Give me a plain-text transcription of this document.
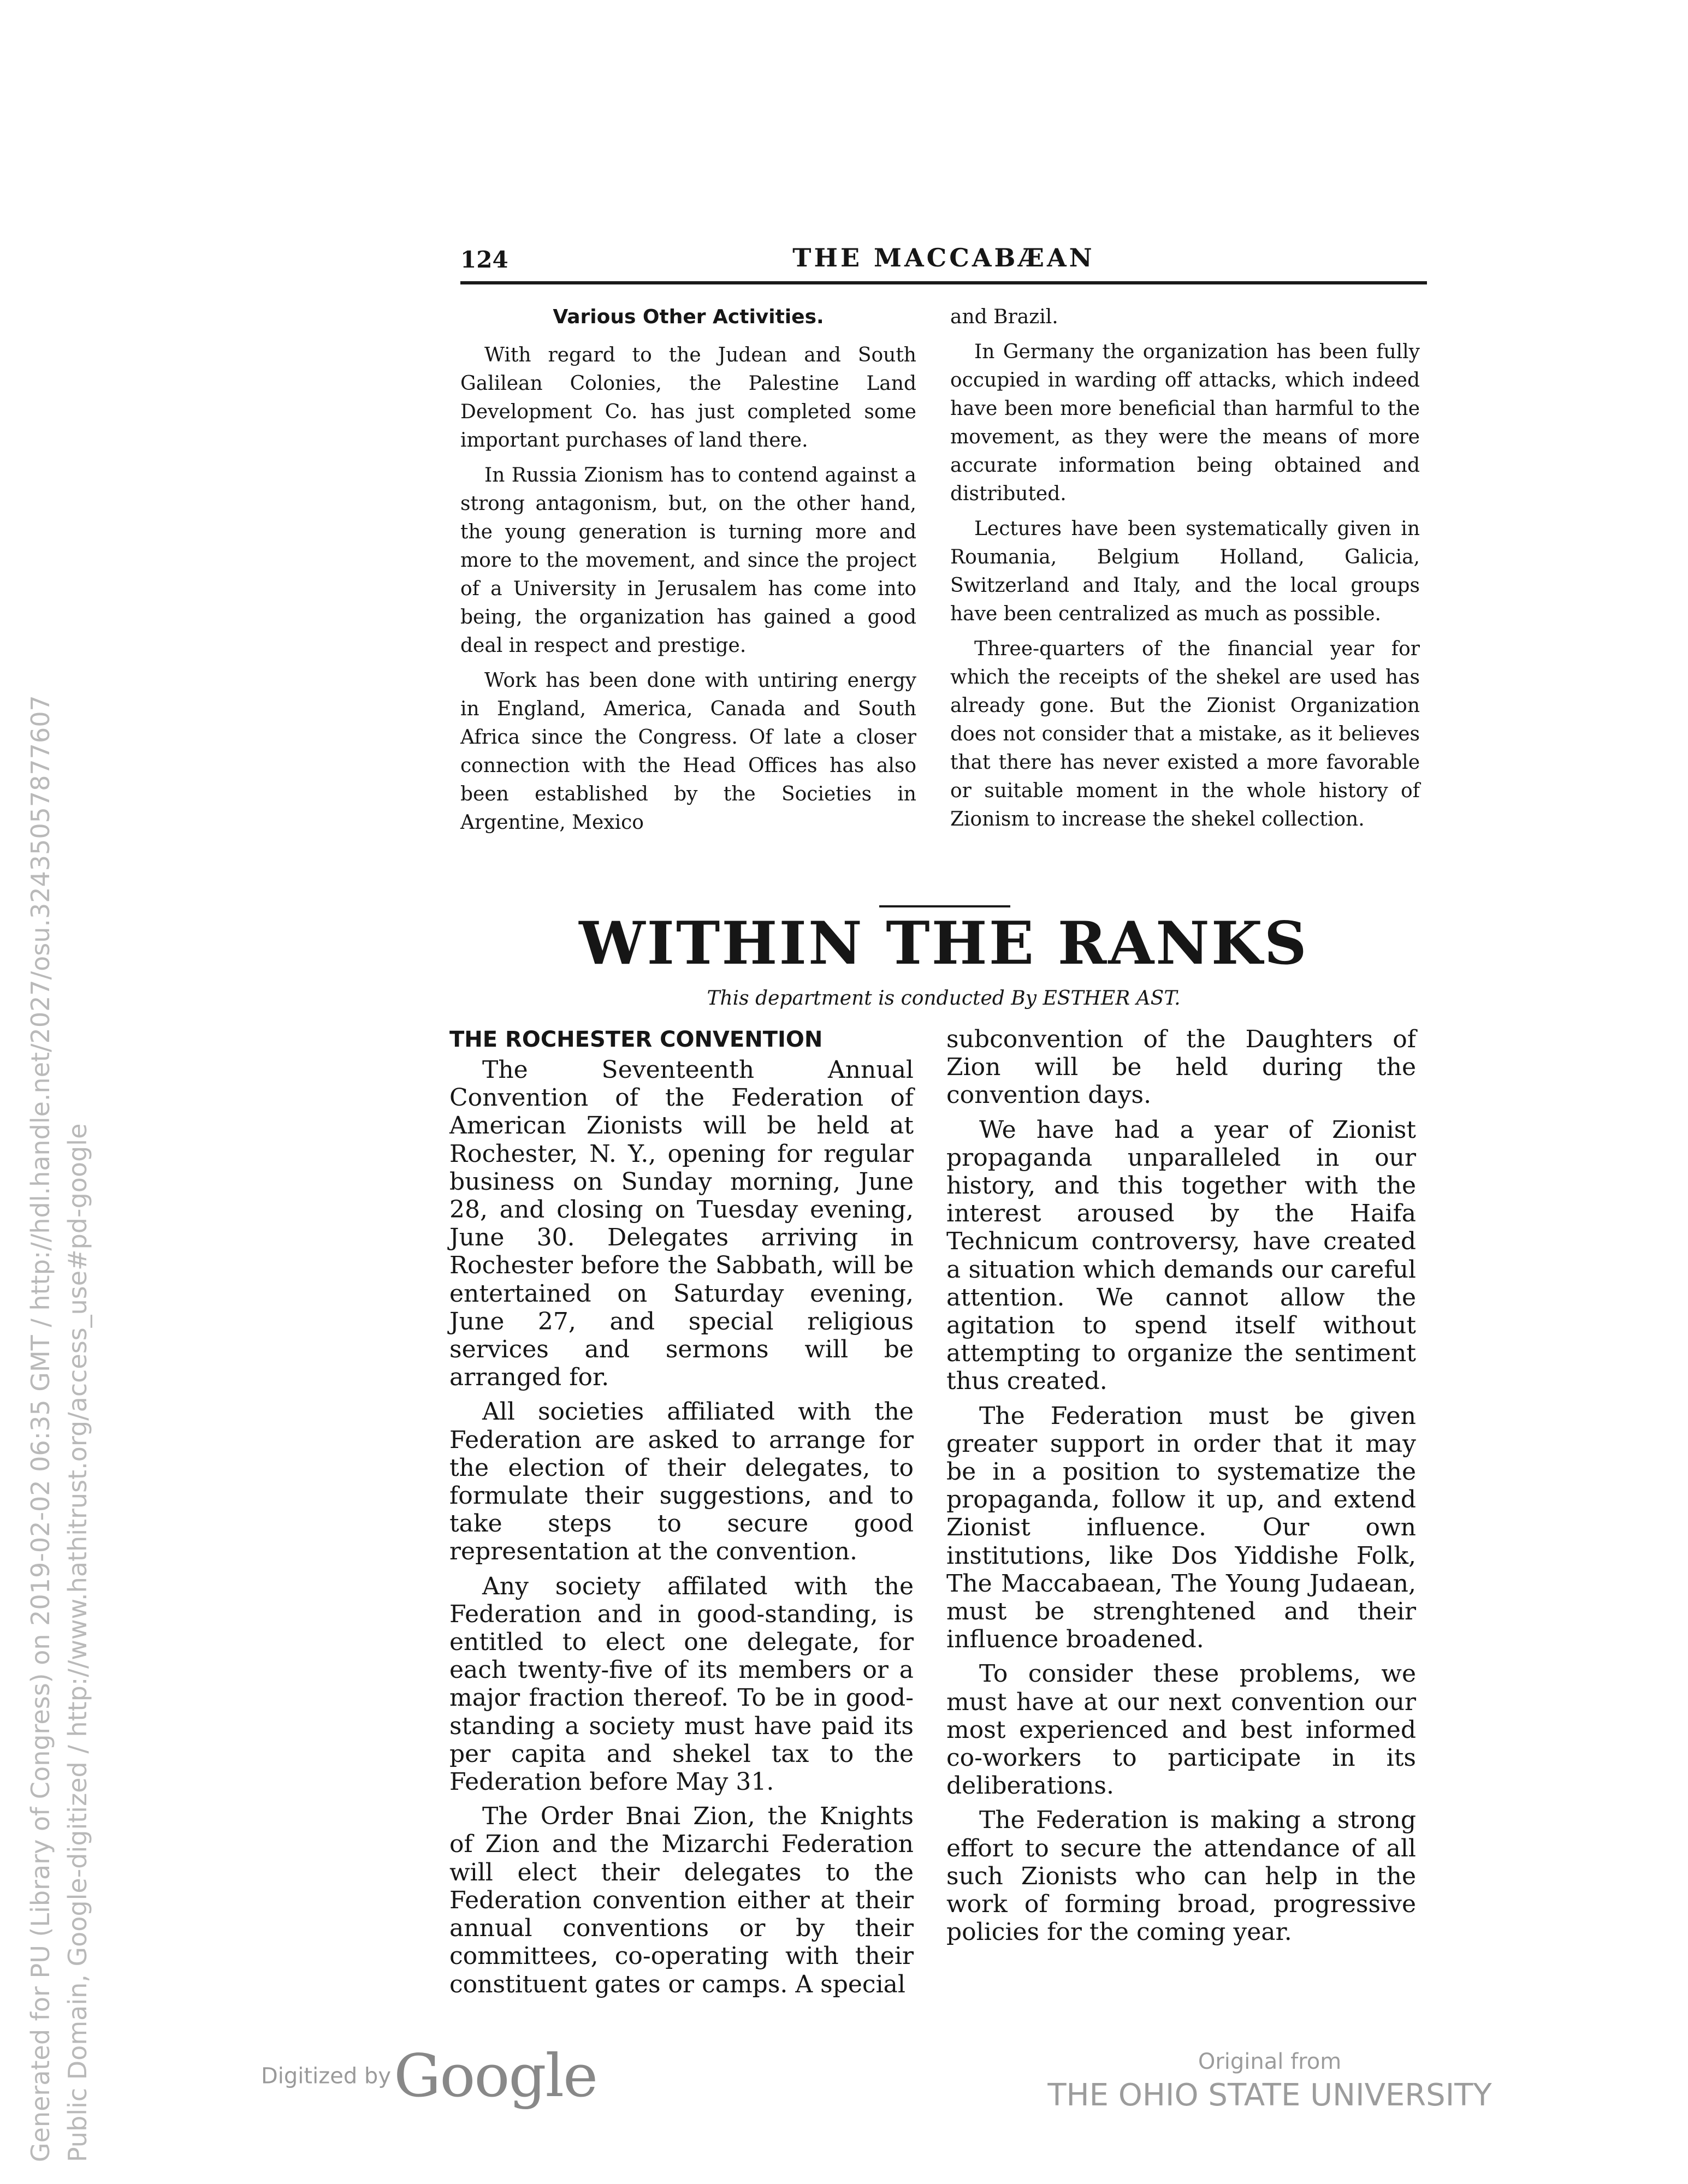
Generated for PU (Library of Congress) on 2019-02-02 06:35 GMT / http://hdl.handle.net/2027/osu.32435057877607 Public Domain, Google-digitized / http://www.hathitrust.org/access_use#pd-google
124	THE MACCABÆAN
Various Other Activities.

With regard to the Judean and South Galilean Colonies, the Palestine Land Development Co. has just completed some important purchases of land there.

In Russia Zionism has to contend against a strong antagonism, but, on the other hand, the young generation is turning more and more to the movement, and since the project of a University in Jerusalem has come into being, the organization has gained a good deal in respect and prestige.

Work has been done with untiring energy in England, America, Canada and South Africa since the Congress. Of late a closer connection with the Head Offices has also been established by the Societies in Argentine, Mexico

and Brazil.

In Germany the organization has been fully occupied in warding off attacks, which indeed have been more beneficial than harmful to the movement, as they were the means of more accurate information being obtained and distributed.

Lectures have been systematically given in Roumania, Belgium Holland, Galicia, Switzerland and Italy, and the local groups have been centralized as much as possible.

Three-quarters of the financial year for which the receipts of the shekel are used has already gone. But the Zionist Organization does not consider that a mistake, as it believes that there has never existed a more favorable or suitable moment in the whole history of Zionism to increase the shekel collection.

WITHIN THE RANKS
This department is conducted By ESTHER AST.
THE ROCHESTER CONVENTION

The Seventeenth Annual Convention of the Federation of American Zionists will be held at Rochester, N. Y., opening for regular business on Sunday morning, June 28, and closing on Tuesday evening, June 30. Delegates arriving in Rochester before the Sabbath, will be entertained on Saturday evening, June 27, and special religious services and sermons will be arranged for.

All societies affiliated with the Federation are asked to arrange for the election of their delegates, to formulate their suggestions, and to take steps to secure good representation at the convention.

Any society affilated with the Federation and in good-standing, is entitled to elect one delegate, for each twenty-five of its members or a major fraction thereof. To be in good-standing a society must have paid its per capita and shekel tax to the Federation before May 31.

The Order Bnai Zion, the Knights of Zion and the Mizarchi Federation will elect their delegates to the Federation convention either at their annual conventions or by their committees, co-operating with their constituent gates or camps. A special

subconvention of the Daughters of Zion will be held during the convention days.

We have had a year of Zionist propaganda unparalleled in our history, and this together with the interest aroused by the Haifa Technicum controversy, have created a situation which demands our careful attention. We cannot allow the agitation to spend itself without attempting to organize the sentiment thus created.

The Federation must be given greater support in order that it may be in a position to systematize the propaganda, follow it up, and extend Zionist influence. Our own institutions, like Dos Yiddishe Folk, The Maccabaean, The Young Judaean, must be strenghtened and their influence broadened.

To consider these problems, we must have at our next convention our most experienced and best informed co-workers to participate in its deliberations.

The Federation is making a strong effort to secure the attendance of all such Zionists who can help in the work of forming broad, progressive policies for the coming year.

Digitized by Google	Original from
THE OHIO STATE UNIVERSITY
